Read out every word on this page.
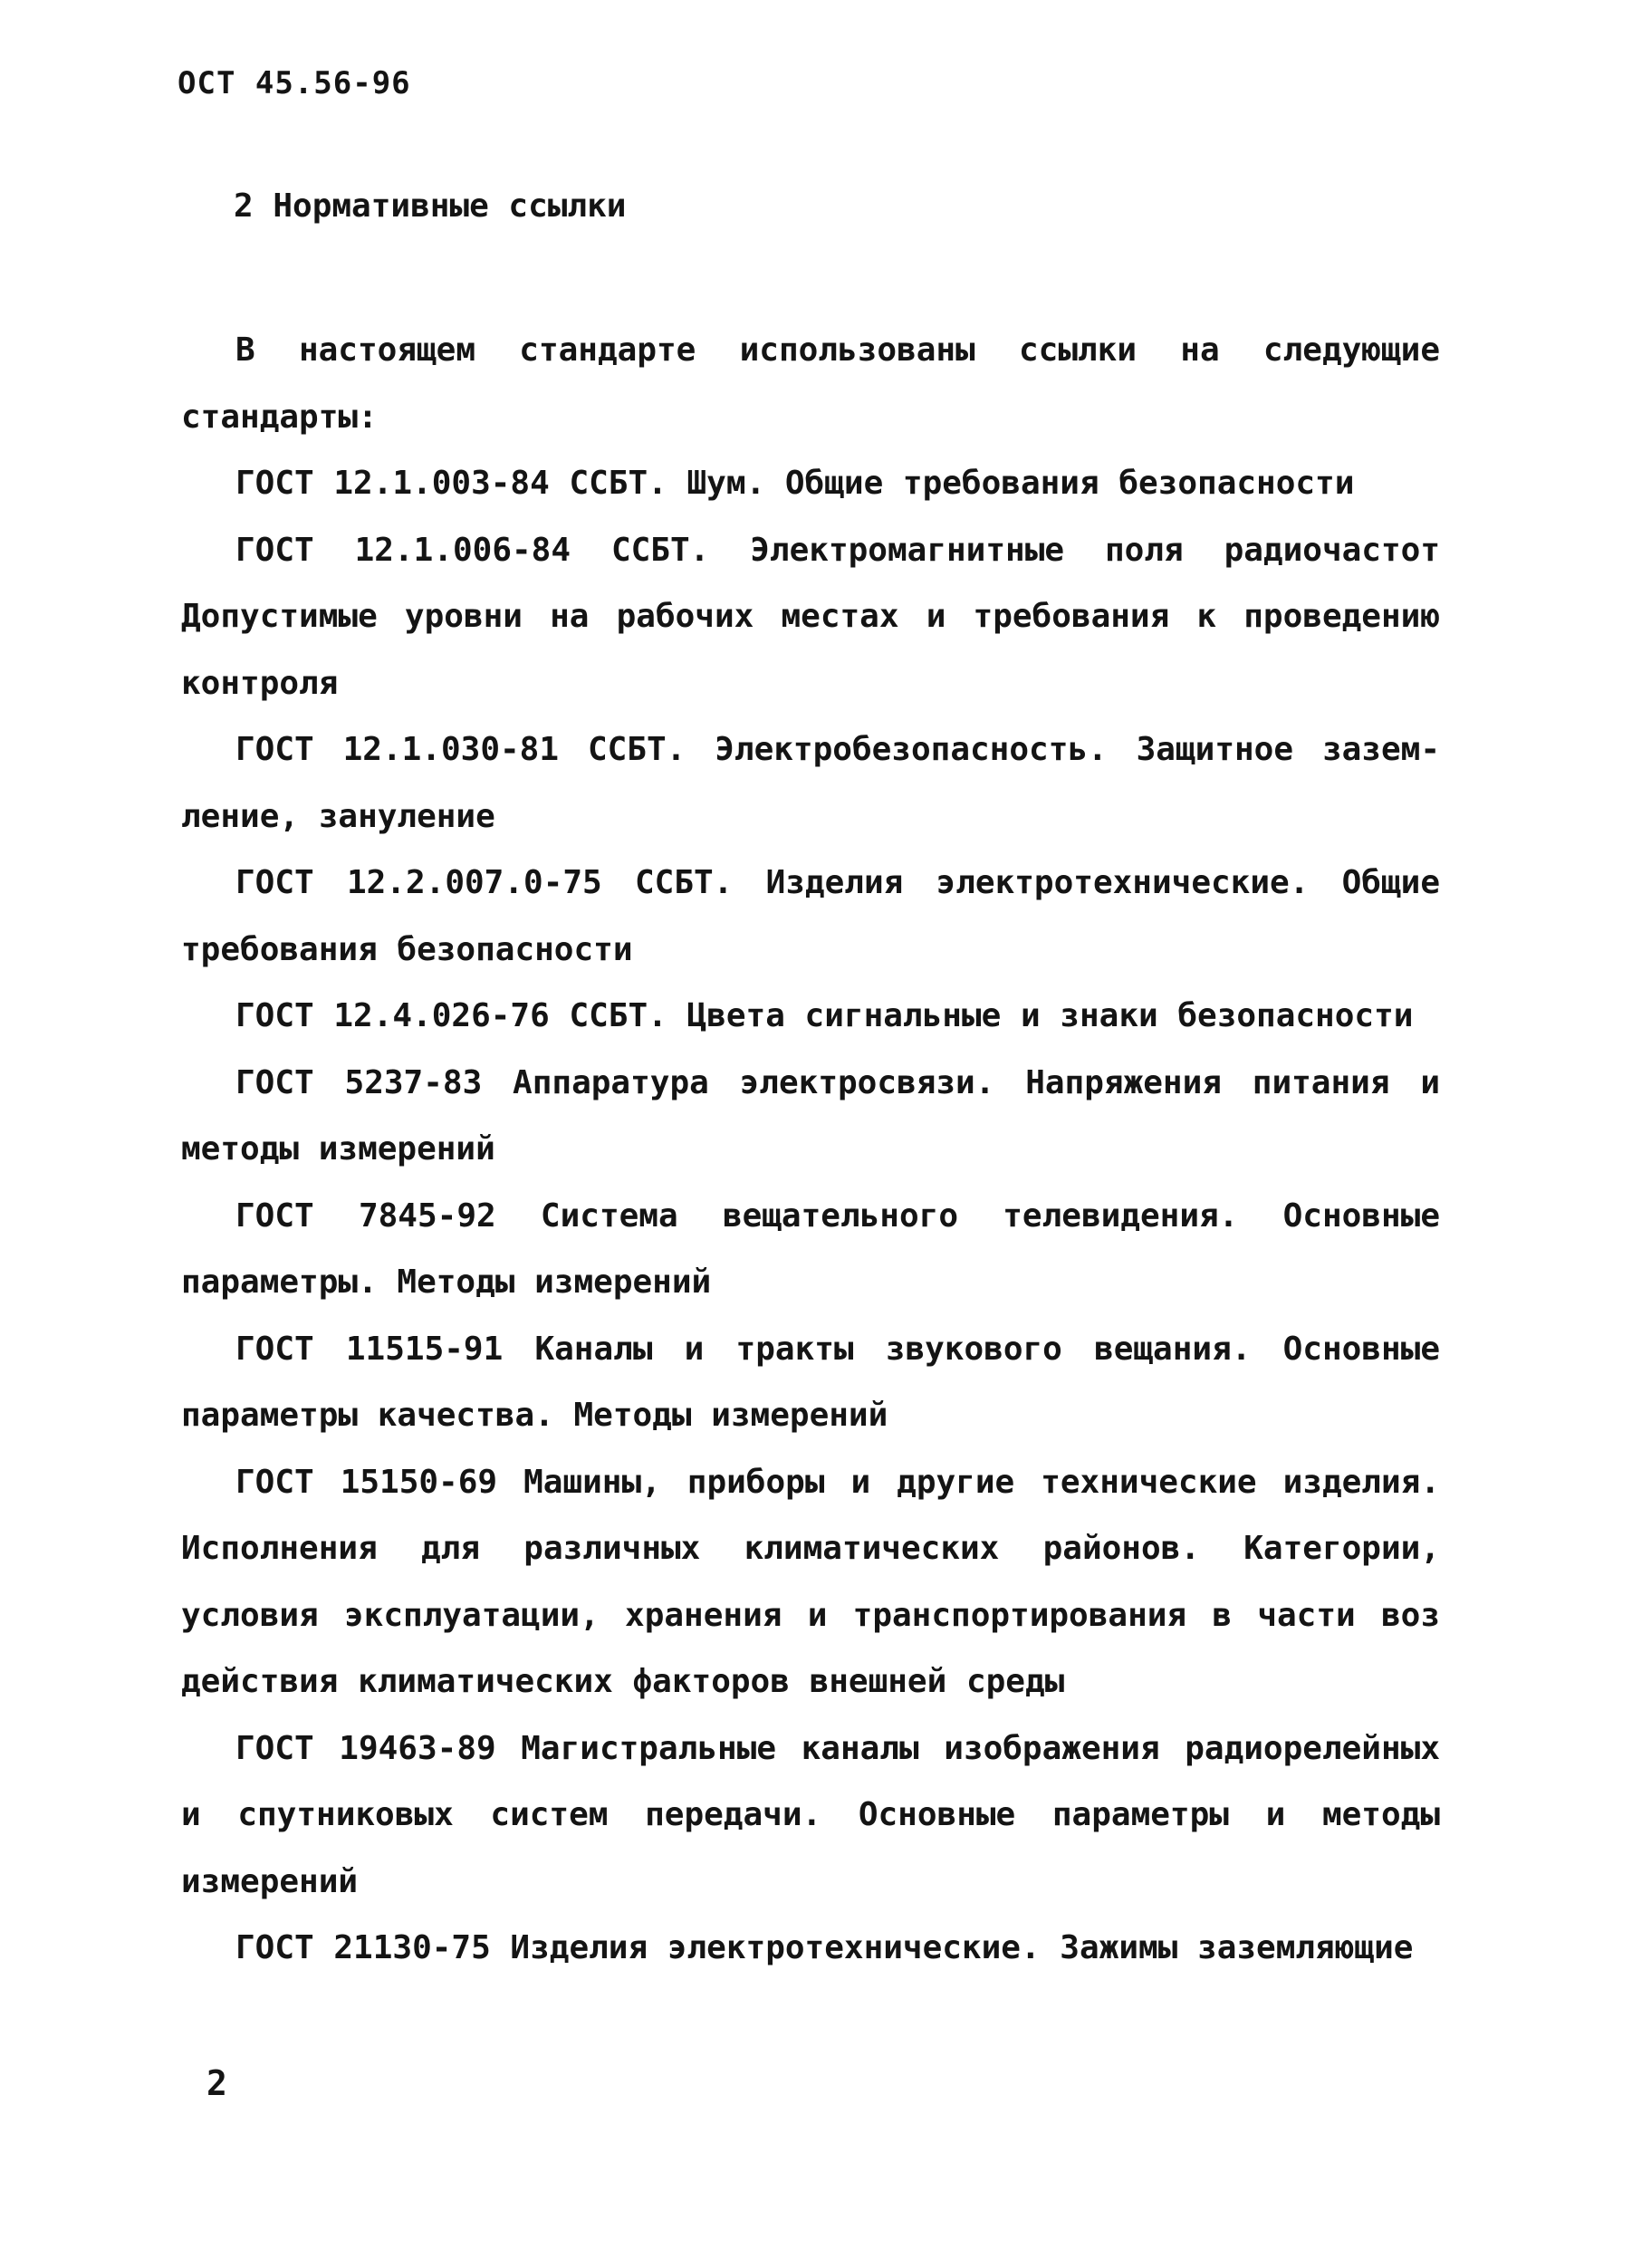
ОСТ 45.56-96
2 Нормативные ссылки

В настоящем стандарте использованы ссылки на следующие стандарты:

ГОСТ 12.1.003-84 ССБТ. Шум. Общие требования безопасности

ГОСТ 12.1.006-84 ССБТ. Электромагнитные поля радиочастот Допустимые уровни на рабочих местах и требования к проведению контроля

ГОСТ 12.1.030-81 ССБТ. Электробезопасность. Защитное зазем-ление, зануление

ГОСТ 12.2.007.0-75 ССБТ. Изделия электротехнические. Общие требования безопасности

ГОСТ 12.4.026-76 ССБТ. Цвета сигнальные и знаки безопасности

ГОСТ 5237-83 Аппаратура электросвязи. Напряжения питания и методы измерений

ГОСТ 7845-92 Система вещательного телевидения. Основные параметры. Методы измерений

ГОСТ 11515-91 Каналы и тракты звукового вещания. Основные параметры качества. Методы измерений

ГОСТ 15150-69 Машины, приборы и другие технические изделия. Исполнения для различных климатических районов. Категории, условия эксплуатации, хранения и транспортирования в части воз действия климатических факторов внешней среды

ГОСТ 19463-89 Магистральные каналы изображения радиорелейных и спутниковых систем передачи. Основные параметры и методы измерений

ГОСТ 21130-75 Изделия электротехнические. Зажимы заземляющие

2
